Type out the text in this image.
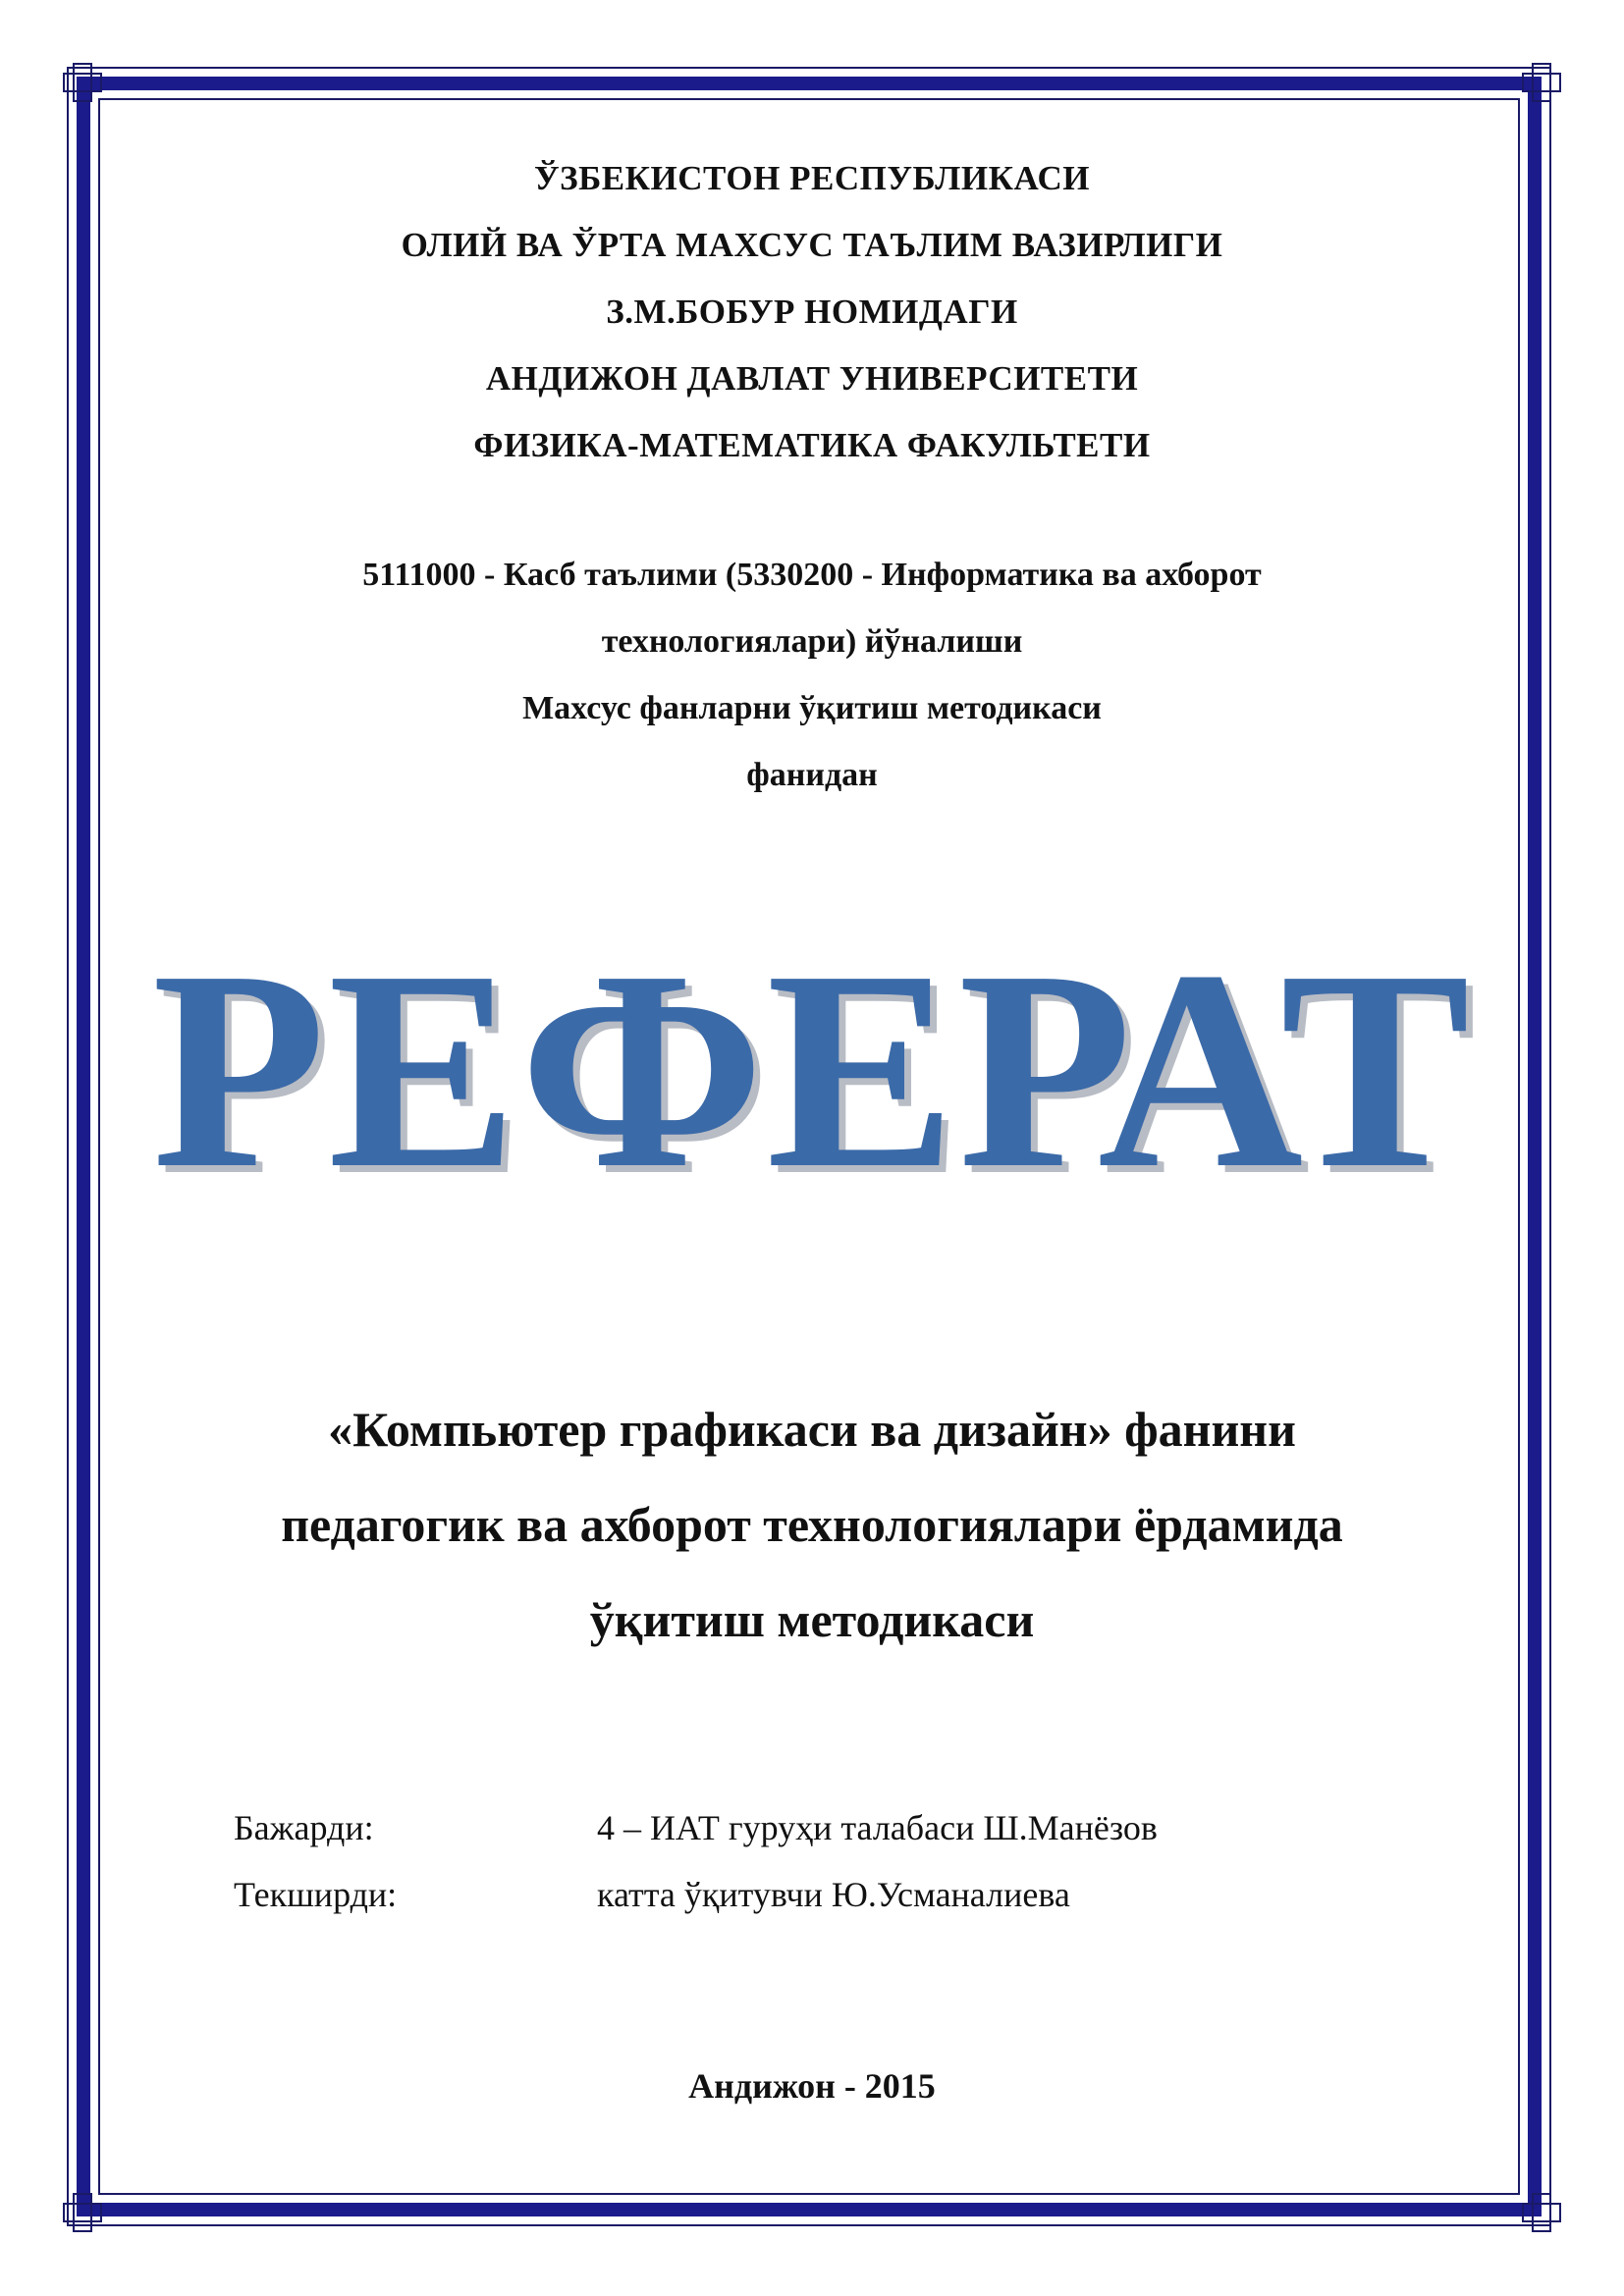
ЎЗБЕКИСТОН РЕСПУБЛИКАСИ
ОЛИЙ ВА ЎРТА МАХСУС ТАЪЛИМ ВАЗИРЛИГИ
З.М.БОБУР НОМИДАГИ
АНДИЖОН ДАВЛАТ УНИВЕРСИТЕТИ
ФИЗИКА-МАТЕМАТИКА ФАКУЛЬТЕТИ
5111000 - Касб таълими (5330200 - Информатика ва ахборот
технологиялари) йўналиши
Махсус фанларни ўқитиш методикаси
фанидан
РЕФЕРАТ
«Компьютер графикаси ва дизайн» фанини
педагогик ва ахборот технологиялари ёрдамида
ўқитиш методикаси
Бажарди:	4 – ИАТ гуруҳи талабаси Ш.Манёзов
Текширди:	катта ўқитувчи Ю.Усманалиева
Андижон - 2015
